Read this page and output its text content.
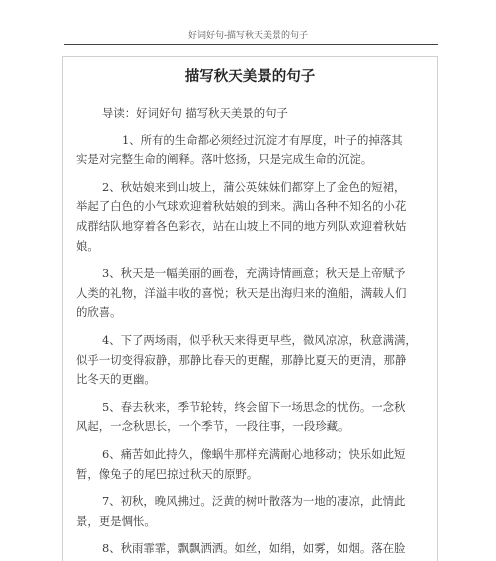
好词好句-描写秋天美景的句子
描写秋天美景的句子
导读：好词好句 描写秋天美景的句子
1、所有的生命都必须经过沉淀才有厚度，叶子的掉落其
实是对完整生命的阐释。落叶悠扬，只是完成生命的沉淀。
2、秋姑娘来到山坡上，蒲公英妹妹们都穿上了金色的短裙，
举起了白色的小气球欢迎着秋姑娘的到来。满山各种不知名的小花
成群结队地穿着各色彩衣，站在山坡上不同的地方列队欢迎着秋姑
娘。
3、秋天是一幅美丽的画卷，充满诗情画意；秋天是上帝赋予
人类的礼物，洋溢丰收的喜悦；秋天是出海归来的渔船，满载人们
的欣喜。
4、下了两场雨，似乎秋天来得更早些，微风凉凉，秋意满满，
似乎一切变得寂静，那静比春天的更醒，那静比夏天的更清，那静
比冬天的更幽。
5、春去秋来，季节轮转，终会留下一场思念的忧伤。一念秋
风起，一念秋思长，一个季节，一段往事，一段珍藏。
6、痛苦如此持久，像蜗牛那样充满耐心地移动；快乐如此短
暂，像兔子的尾巴掠过秋天的原野。
7、初秋，晚风拂过。泛黄的树叶散落为一地的凄凉，此情此
景，更是惆怅。
8、秋雨霏霏，飘飘洒洒。如丝，如绢，如雾，如烟。落在脸
